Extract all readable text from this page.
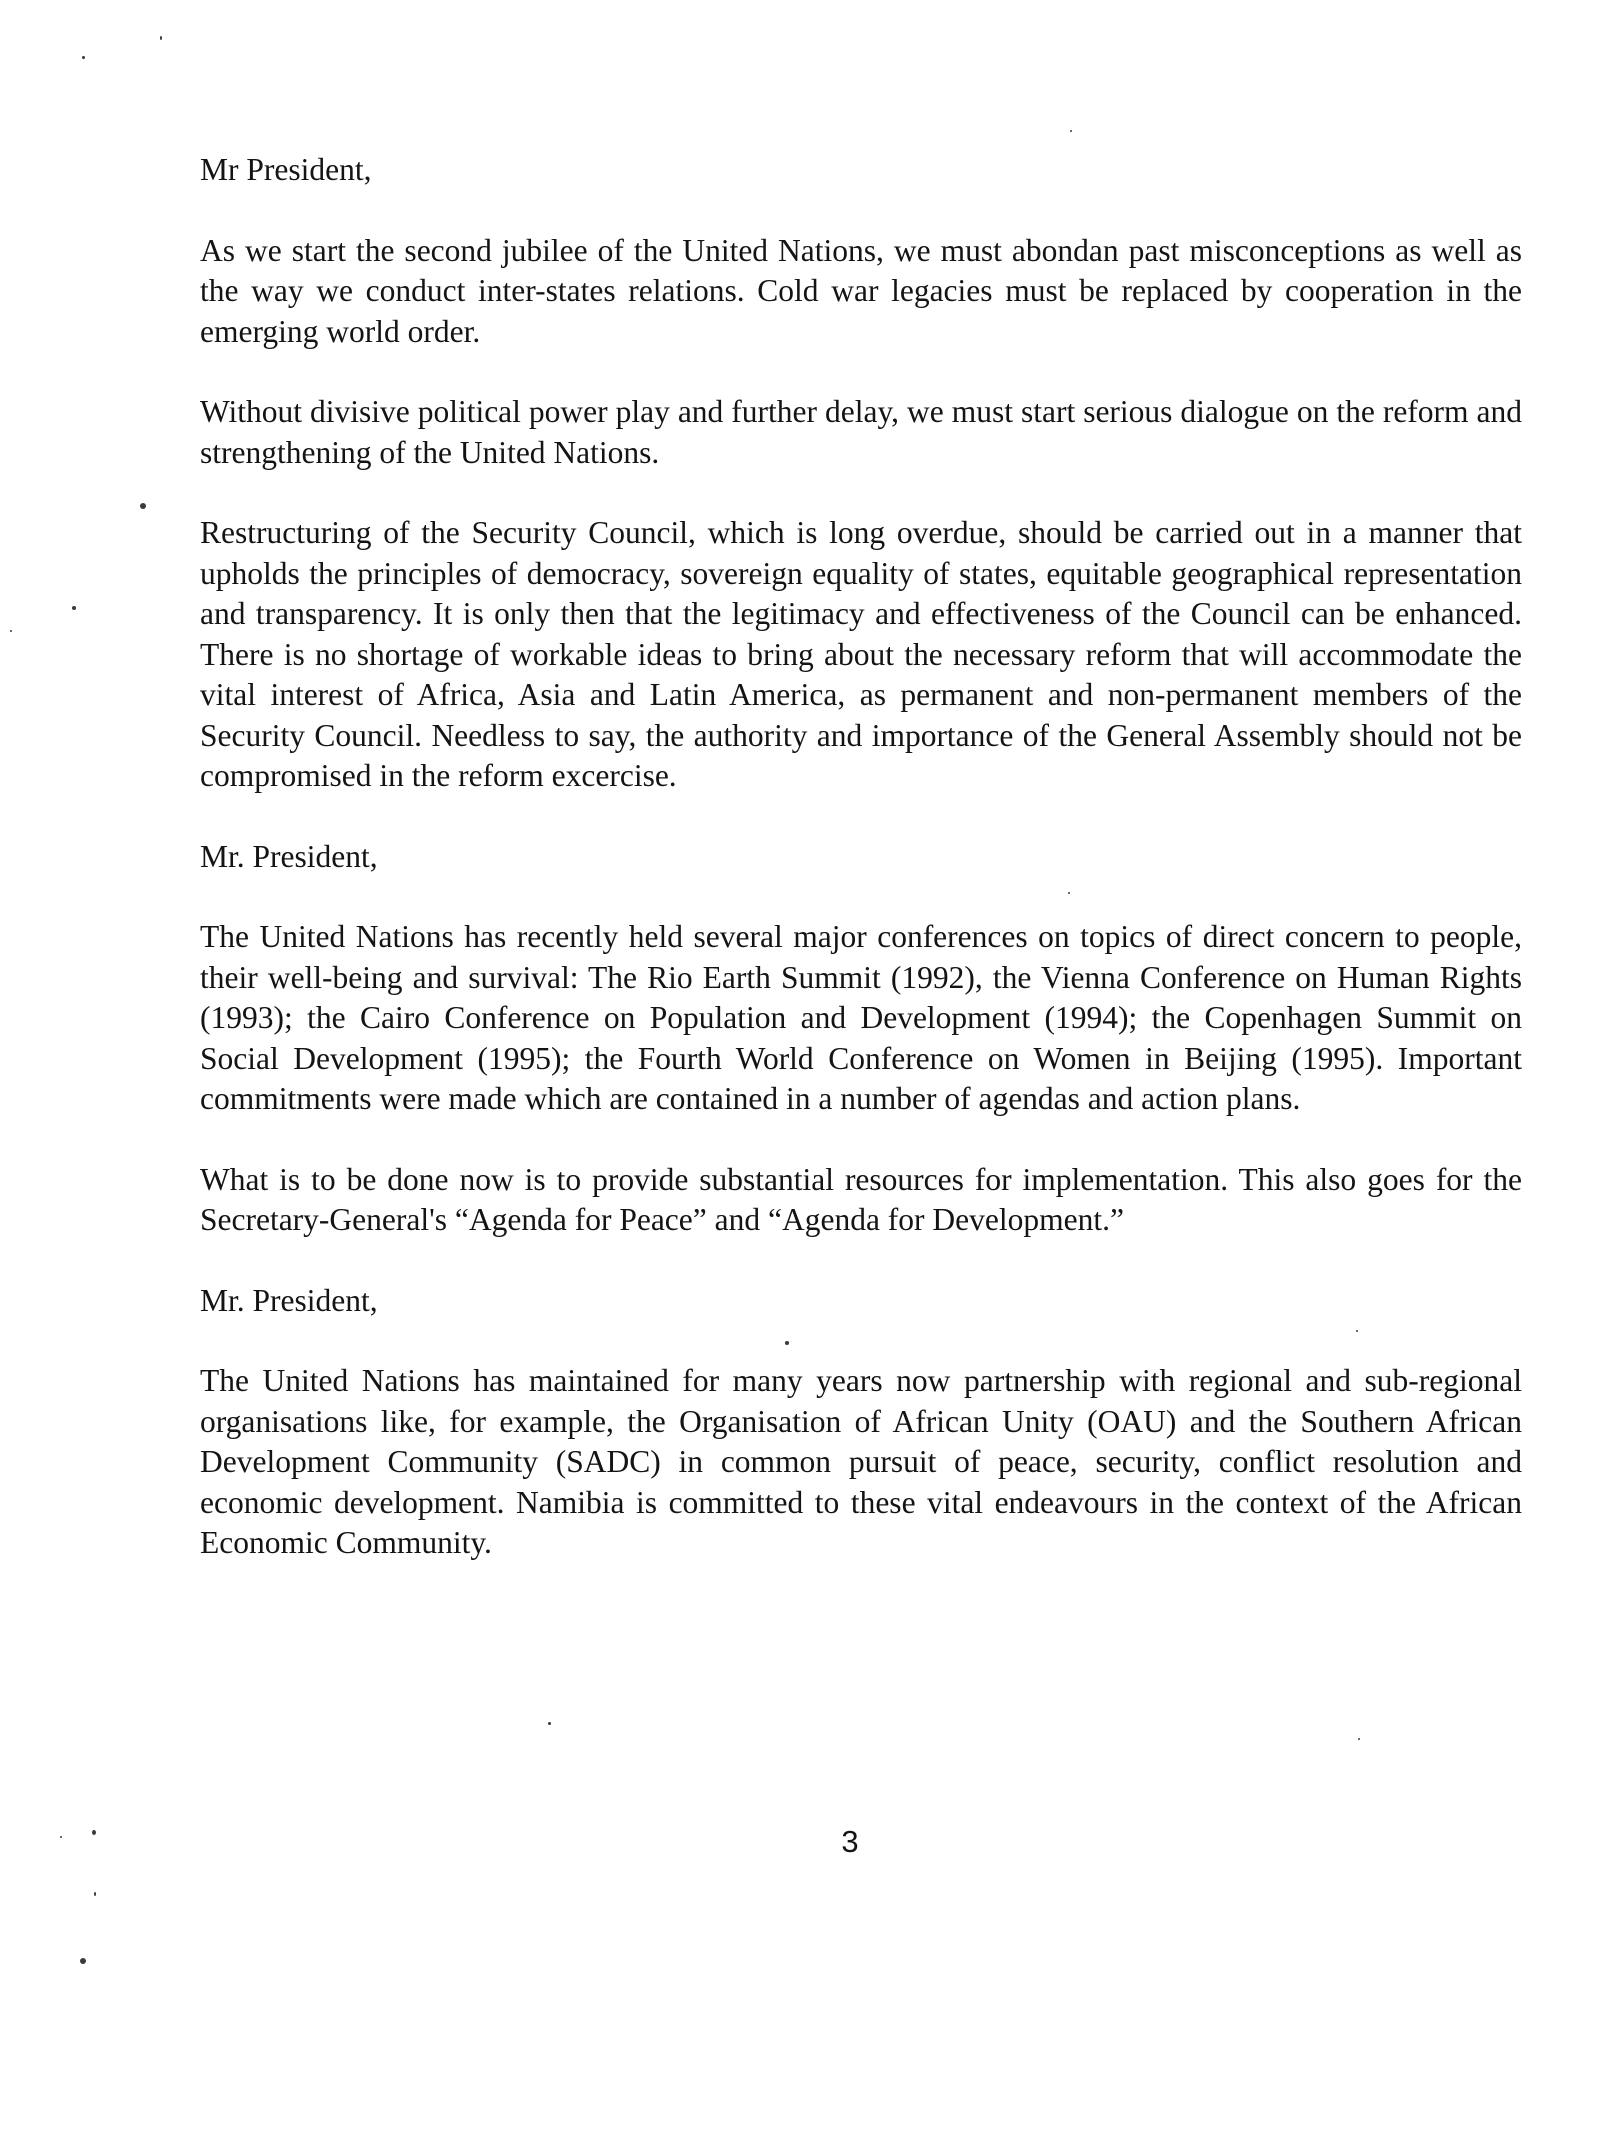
Mr President,

As we start the second jubilee of the United Nations, we must abondan past misconceptions as well as the way we conduct inter-states relations. Cold war legacies must be replaced by cooperation in the emerging world order.

Without divisive political power play and further delay, we must start serious dialogue on the reform and strengthening of the United Nations.

Restructuring of the Security Council, which is long overdue, should be carried out in a manner that upholds the principles of democracy, sovereign equality of states, equitable geographical representation and transparency. It is only then that the legitimacy and effectiveness of the Council can be enhanced. There is no shortage of workable ideas to bring about the necessary reform that will accommodate the vital interest of Africa, Asia and Latin America, as permanent and non-permanent members of the Security Council. Needless to say, the authority and importance of the General Assembly should not be compromised in the reform excercise.

Mr. President,

The United Nations has recently held several major conferences on topics of direct concern to people, their well-being and survival: The Rio Earth Summit (1992), the Vienna Conference on Human Rights (1993); the Cairo Conference on Population and Development (1994); the Copenhagen Summit on Social Development (1995); the Fourth World Conference on Women in Beijing (1995). Important commitments were made which are contained in a number of agendas and action plans.

What is to be done now is to provide substantial resources for implementation. This also goes for the Secretary-General's “Agenda for Peace” and “Agenda for Development.”

Mr. President,

The United Nations has maintained for many years now partnership with regional and sub-regional organisations like, for example, the Organisation of African Unity (OAU) and the Southern African Development Community (SADC) in common pursuit of peace, security, conflict resolution and economic development. Namibia is committed to these vital endeavours in the context of the African Economic Community.

3
